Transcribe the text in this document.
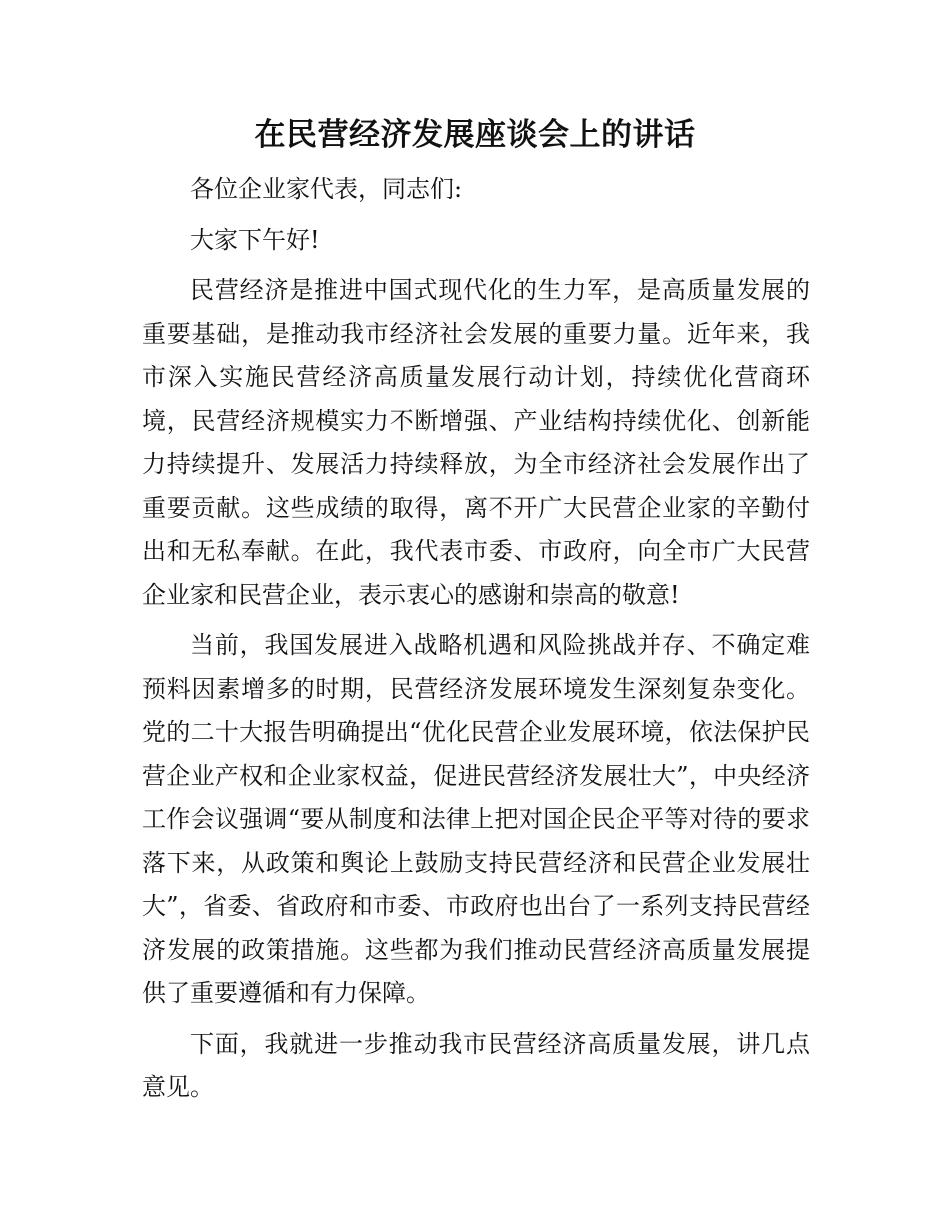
在民营经济发展座谈会上的讲话

各位企业家代表，同志们:

大家下午好!

民营经济是推进中国式现代化的生力军，是高质量发展的重要基础，是推动我市经济社会发展的重要力量。近年来，我市深入实施民营经济高质量发展行动计划，持续优化营商环境，民营经济规模实力不断增强、产业结构持续优化、创新能力持续提升、发展活力持续释放，为全市经济社会发展作出了重要贡献。这些成绩的取得，离不开广大民营企业家的辛勤付出和无私奉献。在此，我代表市委、市政府，向全市广大民营企业家和民营企业，表示衷心的感谢和崇高的敬意!

当前，我国发展进入战略机遇和风险挑战并存、不确定难预料因素增多的时期，民营经济发展环境发生深刻复杂变化。党的二十大报告明确提出“优化民营企业发展环境，依法保护民营企业产权和企业家权益，促进民营经济发展壮大”，中央经济工作会议强调“要从制度和法律上把对国企民企平等对待的要求落下来，从政策和舆论上鼓励支持民营经济和民营企业发展壮大”，省委、省政府和市委、市政府也出台了一系列支持民营经济发展的政策措施。这些都为我们推动民营经济高质量发展提供了重要遵循和有力保障。

下面，我就进一步推动我市民营经济高质量发展，讲几点意见。
